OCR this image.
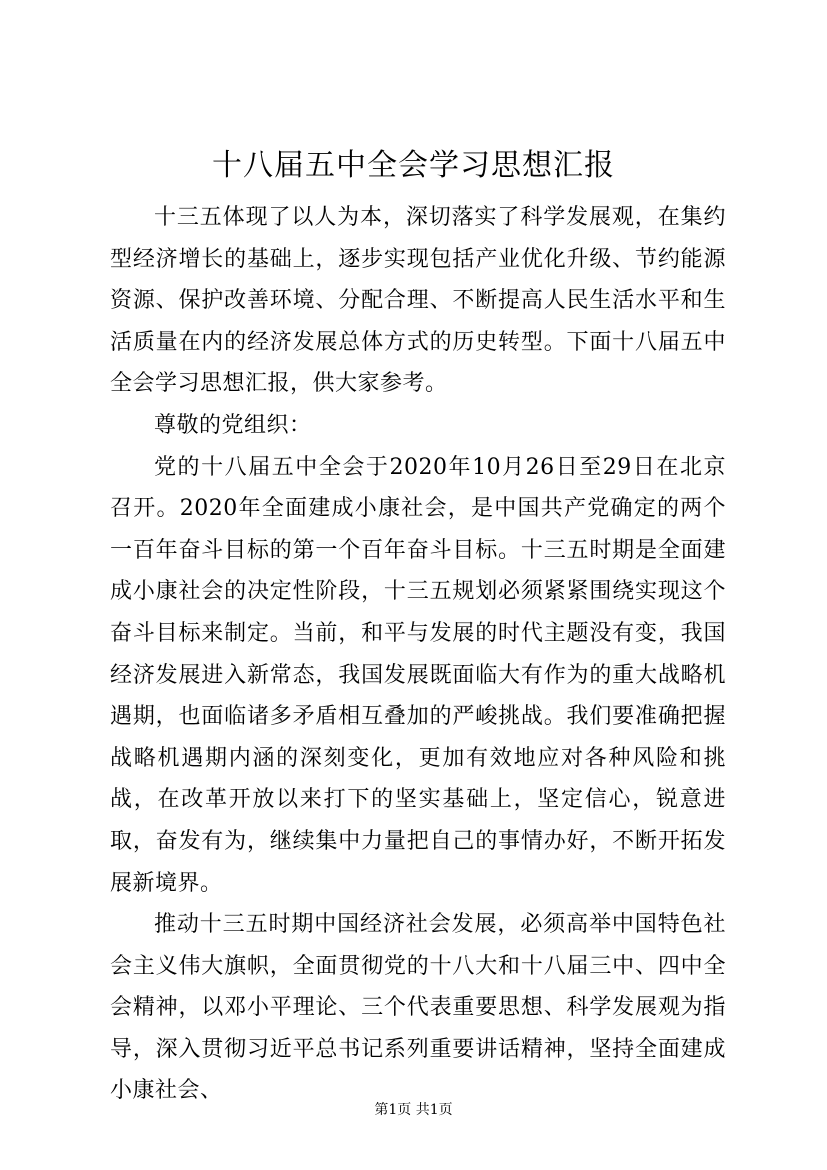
十八届五中全会学习思想汇报

十三五体现了以人为本，深切落实了科学发展观，在集约型经济增长的基础上，逐步实现包括产业优化升级、节约能源资源、保护改善环境、分配合理、不断提高人民生活水平和生活质量在内的经济发展总体方式的历史转型。下面十八届五中全会学习思想汇报，供大家参考。

尊敬的党组织：

党的十八届五中全会于2020年10月26日至29日在北京召开。2020年全面建成小康社会，是中国共产党确定的两个一百年奋斗目标的第一个百年奋斗目标。十三五时期是全面建成小康社会的决定性阶段，十三五规划必须紧紧围绕实现这个奋斗目标来制定。当前，和平与发展的时代主题没有变，我国经济发展进入新常态，我国发展既面临大有作为的重大战略机遇期，也面临诸多矛盾相互叠加的严峻挑战。我们要准确把握战略机遇期内涵的深刻变化，更加有效地应对各种风险和挑战，在改革开放以来打下的坚实基础上，坚定信心，锐意进取，奋发有为，继续集中力量把自己的事情办好，不断开拓发展新境界。

推动十三五时期中国经济社会发展，必须高举中国特色社会主义伟大旗帜，全面贯彻党的十八大和十八届三中、四中全会精神，以邓小平理论、三个代表重要思想、科学发展观为指导，深入贯彻习近平总书记系列重要讲话精神，坚持全面建成小康社会、

第1页 共1页
